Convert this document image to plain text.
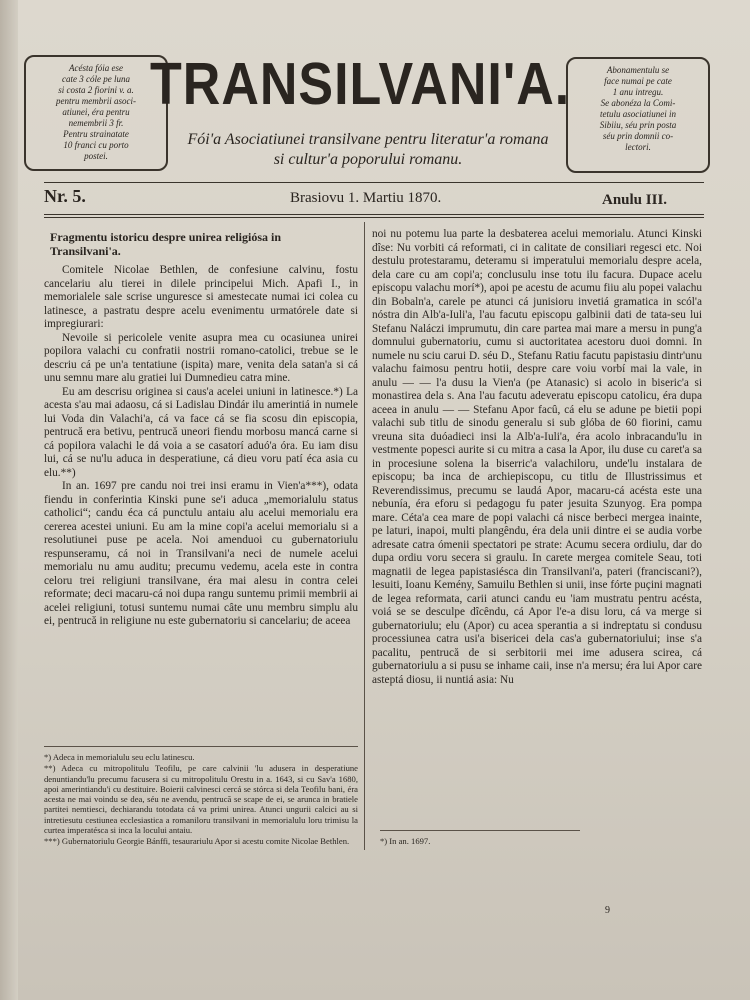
Acésta fóia ese
cate 3 cóle pe luna
si costa 2 fiorini v. a.
pentru membrii asoci-
atiunei, éra pentru
nemembrii 3 fr.
Pentru strainatate
10 franci cu porto
postei.
TRANSILVANI'A.	Abonamentulu se
face numai pe cate
1 anu intregu.
Se abonéza la Comi-
tetulu asociatiunei in
Sibiiu, séu prin posta
séu prin domnii co-
lectori.
Fói'a Asociatiunei transilvane pentru literatur'a romana
si cultur'a poporului romanu.
Nr. 5.	Brasiovu 1. Martiu 1870.	Anulu III.
Fragmentu istoricu despre unirea religiósa in Transilvani'a.

Comitele Nicolae Bethlen, de confesiune calvinu, fostu cancelariu alu tierei in dilele principelui Mich. Apafi I., in memorialele sale scrise unguresce si amestecate numai ici colea cu latinesce, a pastratu despre acelu evenimentu urmatórele date si impregiurari:

Nevoile si pericolele venite asupra mea cu ocasiunea unirei popilora valachi cu confratii nostrii romano-catolici, trebue se le descriu cá pe un'a tentatiune (ispita) mare, venita dela satan'a si cá unu semnu mare alu gratiei lui Dumnedieu catra mine.

Eu am descrisu originea si caus'a acelei uniuni in latinesce.*) La acesta s'au mai adaosu, cá si Ladislau Dindár ilu amerintiá in numele lui Voda din Valachi'a, cá va face cá se fia scosu din episcopia, pentrucă era betivu, pentrucă uneori fiendu morbosu mancá carne si cá popilora valachi le dá voia a se casatorí aduó'a óra. Eu iam disu lui, cá se nu'lu aduca in desperatiune, cá dieu voru patí éca asia cu elu.**)

In an. 1697 pre candu noi trei insi eramu in Vien'a***), odata fiendu in conferintia Kinski pune se'i aduca „memorialulu status catholici“; candu éca cá punctulu antaiu alu acelui memorialu era cererea acestei uniuni. Eu am la mine copi'a acelui memorialu si a resolutiunei puse pe acela. Noi amenduoi cu gubernatoriulu respunseramu, cá noi in Transilvani'a neci de numele acelui memorialu nu amu auditu; precumu vedemu, acela este in contra celoru trei religiuni transilvane, éra mai alesu in contra celei reformate; deci macaru-cá noi dupa rangu suntemu primii membrii ai acelei religiuni, totusi suntemu numai câte unu membru simplu alu ei, pentrucă in religiune nu este gubernatoriu si cancelariu; de aceea

noi nu potemu lua parte la desbaterea acelui memorialu. Atunci Kinski dîse: Nu vorbiti cá reformati, ci in calitate de consiliari regesci etc. Noi destulu protestaramu, deteramu si imperatului memorialu despre acela, dela care cu am copi'a; conclusulu inse totu ilu facura. Dupace acelu episcopu valachu morí*), apoi pe acestu de acumu fiiu alu popei valachu din Bobaln'a, carele pe atunci cá junisioru invetiá gramatica in scól'a nóstra din Alb'a-Iuli'a, l'au facutu episcopu galbinii dati de tata-seu lui Stefanu Naláczi imprumutu, din care partea mai mare a mersu in pung'a domnului gubernatoriu, cumu si auctoritatea acestoru duoi domni. In numele nu sciu carui D. séu D., Stefanu Ratiu facutu papistasiu dintr'unu valachu faimosu pentru hotii, despre care voiu vorbí mai la vale, in anulu — — l'a dusu la Vien'a (pe Atanasic) si acolo in biseric'a si monastirea dela s. Ana l'au facutu adeveratu episcopu catolicu, éra dupa aceea in anulu — — Stefanu Apor facû, cá elu se adune pe bietii popi valachi sub titlu de sinodu generalu si sub glóba de 60 fiorini, camu vreuna sita duóadieci insi la Alb'a-Iuli'a, éra acolo inbracandu'lu in vestmente popesci aurite si cu mitra a casa la Apor, ilu duse cu caret'a sa in procesiune solena la biserric'a valachiloru, unde'lu instalara de episcopu; ba inca de archiepiscopu, cu titlu de Illustrissimus et Reverendissimus, precumu se laudá Apor, macaru-cá acésta este una nebunía, éra eforu si pedagogu fu pater jesuita Szunyog. Era pompa mare. Céta'a cea mare de popi valachi cá nisce berbeci mergea inainte, pe laturi, inapoi, multi plangêndu, éra dela unii dintre ei se audia vorbe adresate catra ómenii spectatori pe strate: Acumu secera ordiulu, dar do dupa ordiu voru secera si graulu. In carete mergea comitele Seau, toti magnatii de legea papistasiésca din Transilvani'a, pateri (franciscani?), lesuiti, Ioanu Kemény, Samuilu Bethlen si unii, inse fórte puçini magnati de legea reformata, carii atunci candu eu 'iam mustratu pentru acésta, voiá se se desculpe dîcêndu, cá Apor l'e-a disu loru, cá va merge si gubernatoriulu; elu (Apor) cu acea sperantia a si indreptatu si condusu processiunea catra usi'a bisericei dela cas'a gubernatoriului; inse s'a pacalitu, pentrucă de si serbitorii mei ime adusera scirea, cá gubernatoriulu a si pusu se inhame caii, inse n'a mersu; éra lui Apor care asteptá diosu, ii nuntiá asia: Nu

*) Adeca in memorialulu seu eclu latinescu.

**) Adeca cu mitropolitulu Teofilu, pe care calvinii 'lu adusera in desperatiune denuntiandu'lu precumu facusera si cu mitropolitulu Orestu in a. 1643, si cu Sav'a 1680, apoi amerintiandu'i cu destituire. Boierii calvinesci cercá se stórca si dela Teofilu bani, éra acesta ne mai voindu se dea, séu ne avendu, pentrucă se scape de ei, se arunca in bratiele partitei nemtiesci, dechiarandu totodata cá va primi unirea. Atunci ungurii calcici au si intretiesutu cestiunea ecclesiastica a romaniloru transilvani in memorialulu loru trimisu la curtea imperatésca si inca la locului antaiu.

***) Gubernatoriulu Georgie Bánffi, tesaurariulu Apor si acestu comite Nicolae Bethlen.	*) In an. 1697.

9
